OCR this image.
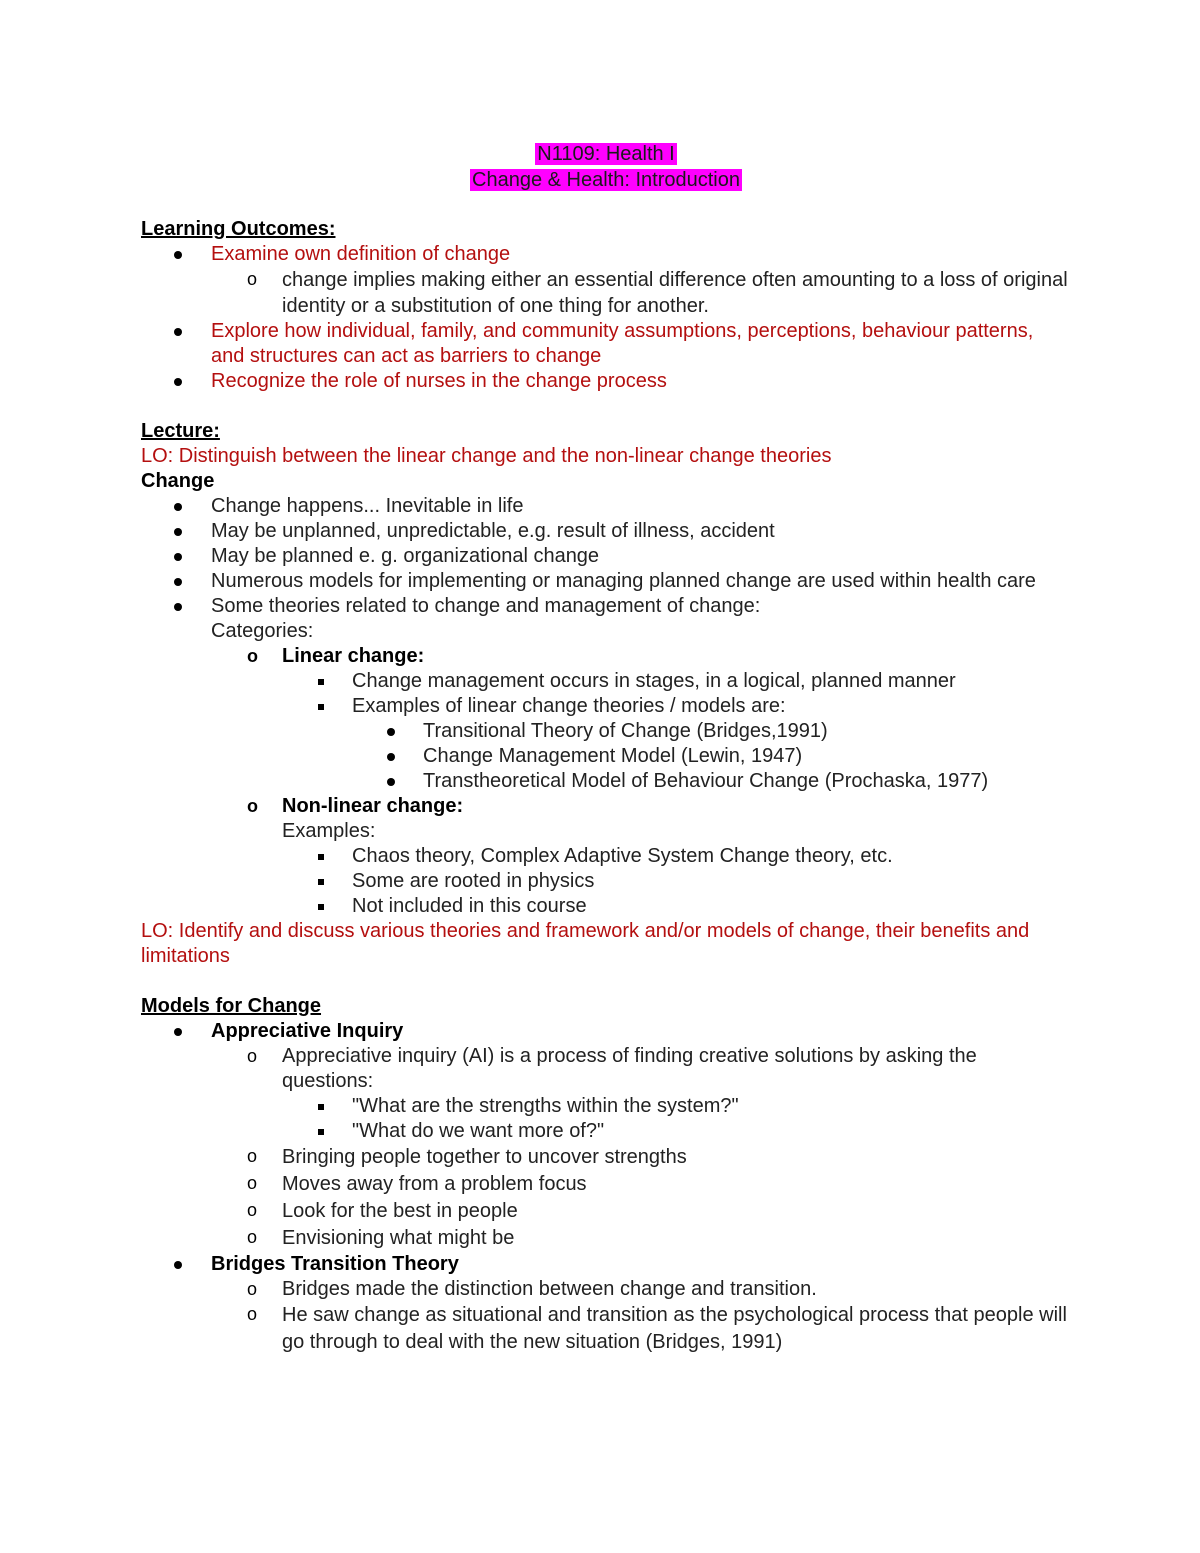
N1109: Health I
Change & Health: Introduction
Learning Outcomes:
Examine own definition of change
o change implies making either an essential difference often amounting to a loss of original identity or a substitution of one thing for another.
Explore how individual, family, and community assumptions, perceptions, behaviour patterns, and structures can act as barriers to change
Recognize the role of nurses in the change process
Lecture:
LO: Distinguish between the linear change and the non-linear change theories
Change
Change happens... Inevitable in life
May be unplanned, unpredictable, e.g. result of illness, accident
May be planned e. g. organizational change
Numerous models for implementing or managing planned change are used within health care
Some theories related to change and management of change:
Categories:
o Linear change:
Change management occurs in stages, in a logical, planned manner
Examples of linear change theories / models are:
Transitional Theory of Change (Bridges,1991)
Change Management Model (Lewin, 1947)
Transtheoretical Model of Behaviour Change (Prochaska, 1977)
o Non-linear change:
Examples:
Chaos theory, Complex Adaptive System Change theory, etc.
Some are rooted in physics
Not included in this course
LO: Identify and discuss various theories and framework and/or models of change, their benefits and limitations
Models for Change
Appreciative Inquiry
o Appreciative inquiry (AI) is a process of finding creative solutions by asking the questions:
"What are the strengths within the system?"
"What do we want more of?"
o Bringing people together to uncover strengths
o Moves away from a problem focus
o Look for the best in people
o Envisioning what might be
Bridges Transition Theory
o Bridges made the distinction between change and transition.
o He saw change as situational and transition as the psychological process that people will go through to deal with the new situation (Bridges, 1991)
